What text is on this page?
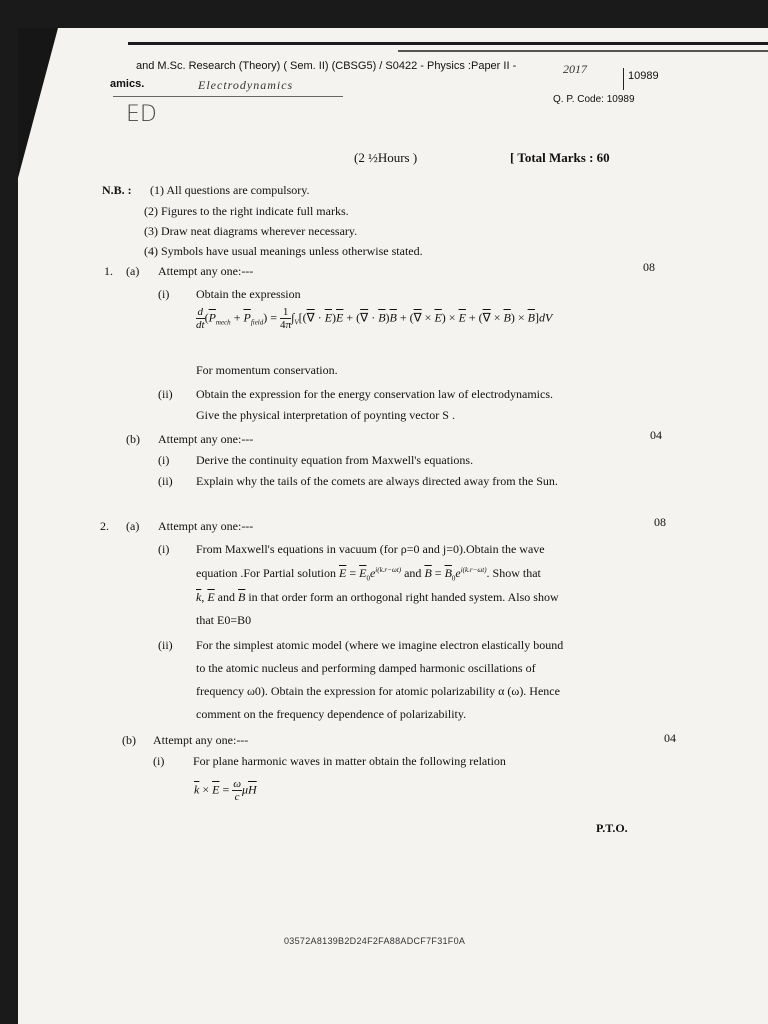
and M.Sc. Research (Theory) ( Sem. II) (CBSG5) / S0422 - Physics :Paper II -
amics.	Electrodynamics
2017	10989
Q. P. Code: 10989
ED
(2 ½Hours )	[ Total Marks : 60
N.B. : (1) All questions are compulsory.
(2) Figures to the right indicate full marks.
(3) Draw neat diagrams wherever necessary.
(4) Symbols have usual meanings unless otherwise stated.
1. (a) Attempt any one:---	08
(i) Obtain the expression
$\frac{d}{dt} (\overline{P}_{mech} + \overline{P}_{field}) = \frac{1}{4\pi} \int_V[(\nabla \cdot \overline{E})\overline{E}$ + (∇ · $\overline{B})\overline{B}$ + (∇ × $\overline{E}) \times \overline{E}$ + (∇ × $\overline{B}) \times \overline{B}]dV$
For momentum conservation.
(ii) Obtain the expression for the energy conservation law of electrodynamics.
Give the physical interpretation of poynting vector S .
(b) Attempt any one:---	04
(i) Derive the continuity equation from Maxwell's equations.
(ii) Explain why the tails of the comets are always directed away from the Sun.
2. (a) Attempt any one:---	08
(i) From Maxwell's equations in vacuum (for ρ=0 and j=0).Obtain the wave
equation .For Partial solution $\overline{E} = \overline{E}_0e^{i(k.r-\omega t)}$ and $\overline{B} = \overline{B}_0e^{i(k.r-\omega t)}$. Show that
$\overline{k}$, $\overline{E}$ and $\overline{B}$ in that order form an orthogonal right handed system. Also show
that E0=B0
(ii) For the simplest atomic model (where we imagine electron elastically bound
to the atomic nucleus and performing damped harmonic oscillations of
frequency ω0). Obtain the expression for atomic polarizability α (ω). Hence
comment on the frequency dependence of polarizability.
(b) Attempt any one:---	04
(i) For plane harmonic waves in matter obtain the following relation
$\overline{k} \times \overline{E} = \frac{\omega}{c} \mu\overline{H}$
P.T.O.
03572A8139B2D24F2FA88ADCF7F31F0A
